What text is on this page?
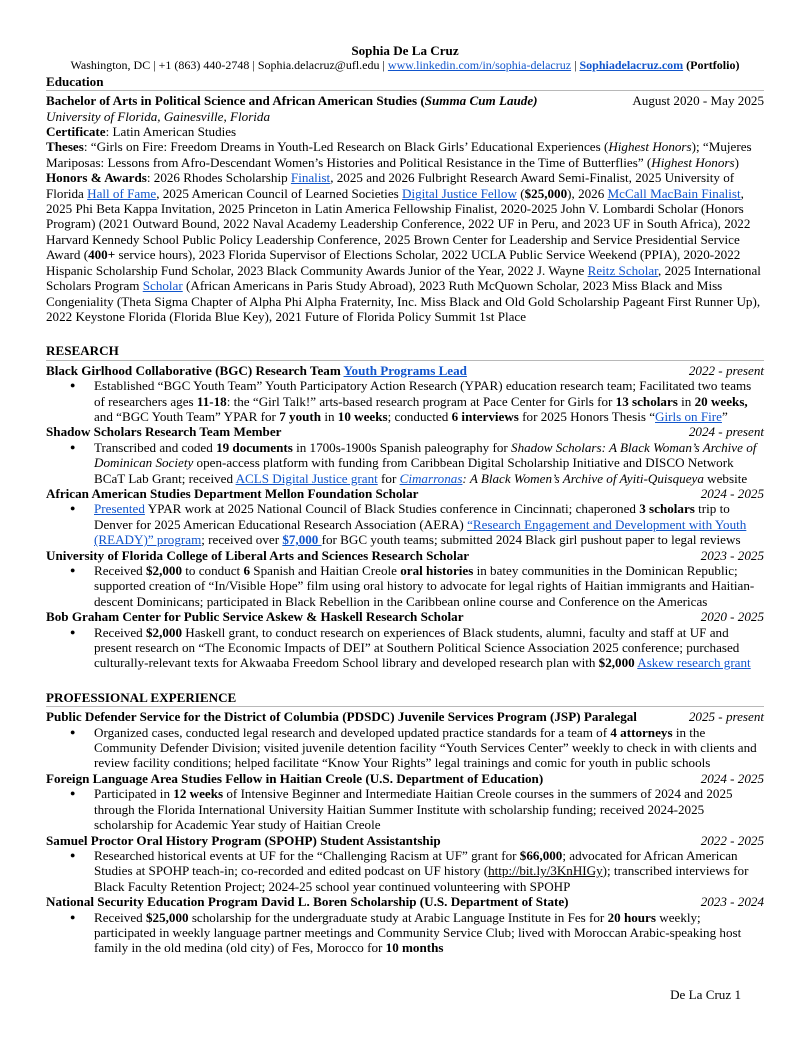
Sophia De La Cruz
Washington, DC | +1 (863) 440-2748 | Sophia.delacruz@ufl.edu | www.linkedin.com/in/sophia-delacruz | Sophiadelacruz.com (Portfolio)
Education
Bachelor of Arts in Political Science and African American Studies (Summa Cum Laude)	August 2020 - May 2025
University of Florida, Gainesville, Florida
Certificate: Latin American Studies
Theses: “Girls on Fire: Freedom Dreams in Youth-Led Research on Black Girls’ Educational Experiences (Highest Honors); “Mujeres Mariposas: Lessons from Afro-Descendant Women’s Histories and Political Resistance in the Time of Butterflies” (Highest Honors)
Honors & Awards: 2026 Rhodes Scholarship Finalist, 2025 and 2026 Fulbright Research Award Semi-Finalist, 2025 University of Florida Hall of Fame, 2025 American Council of Learned Societies Digital Justice Fellow ($25,000), 2026 McCall MacBain Finalist, 2025 Phi Beta Kappa Invitation, 2025 Princeton in Latin America Fellowship Finalist, 2020-2025 John V. Lombardi Scholar (Honors Program) (2021 Outward Bound, 2022 Naval Academy Leadership Conference, 2022 UF in Peru, and 2023 UF in South Africa), 2022 Harvard Kennedy School Public Policy Leadership Conference, 2025 Brown Center for Leadership and Service Presidential Service Award (400+ service hours), 2023 Florida Supervisor of Elections Scholar, 2022 UCLA Public Service Weekend (PPIA), 2020-2022 Hispanic Scholarship Fund Scholar, 2023 Black Community Awards Junior of the Year, 2022 J. Wayne Reitz Scholar, 2025 International Scholars Program Scholar (African Americans in Paris Study Abroad), 2023 Ruth McQuown Scholar, 2023 Miss Black and Miss Congeniality (Theta Sigma Chapter of Alpha Phi Alpha Fraternity, Inc. Miss Black and Old Gold Scholarship Pageant First Runner Up), 2022 Keystone Florida (Florida Blue Key), 2021 Future of Florida Policy Summit 1st Place
RESEARCH
Black Girlhood Collaborative (BGC) Research Team Youth Programs Lead	2022 - present
● Established “BGC Youth Team” Youth Participatory Action Research (YPAR) education research team; Facilitated two teams of researchers ages 11-18: the “Girl Talk!” arts-based research program at Pace Center for Girls for 13 scholars in 20 weeks, and “BGC Youth Team” YPAR for 7 youth in 10 weeks; conducted 6 interviews for 2025 Honors Thesis “Girls on Fire”
Shadow Scholars Research Team Member	2024 - present
● Transcribed and coded 19 documents in 1700s-1900s Spanish paleography for Shadow Scholars: A Black Woman’s Archive of Dominican Society open-access platform with funding from Caribbean Digital Scholarship Initiative and DISCO Network BCaT Lab Grant; received ACLS Digital Justice grant for Cimarronas: A Black Women’s Archive of Ayiti-Quisqueya website
African American Studies Department Mellon Foundation Scholar	2024 - 2025
● Presented YPAR work at 2025 National Council of Black Studies conference in Cincinnati; chaperoned 3 scholars trip to Denver for 2025 American Educational Research Association (AERA) “Research Engagement and Development with Youth (READY)” program; received over $7,000 for BGC youth teams; submitted 2024 Black girl pushout paper to legal reviews
University of Florida College of Liberal Arts and Sciences Research Scholar	2023 - 2025
● Received $2,000 to conduct 6 Spanish and Haitian Creole oral histories in batey communities in the Dominican Republic; supported creation of “In/Visible Hope” film using oral history to advocate for legal rights of Haitian immigrants and Haitian-descent Dominicans; participated in Black Rebellion in the Caribbean online course and Conference on the Americas
Bob Graham Center for Public Service Askew & Haskell Research Scholar	2020 - 2025
● Received $2,000 Haskell grant, to conduct research on experiences of Black students, alumni, faculty and staff at UF and present research on “The Economic Impacts of DEI” at Southern Political Science Association 2025 conference; purchased culturally-relevant texts for Akwaaba Freedom School library and developed research plan with $2,000 Askew research grant
PROFESSIONAL EXPERIENCE
Public Defender Service for the District of Columbia (PDSDC) Juvenile Services Program (JSP) Paralegal	2025 - present
● Organized cases, conducted legal research and developed updated practice standards for a team of 4 attorneys in the Community Defender Division; visited juvenile detention facility “Youth Services Center” weekly to check in with clients and review facility conditions; helped facilitate “Know Your Rights” legal trainings and comic for youth in public schools
Foreign Language Area Studies Fellow in Haitian Creole (U.S. Department of Education)	2024 - 2025
● Participated in 12 weeks of Intensive Beginner and Intermediate Haitian Creole courses in the summers of 2024 and 2025 through the Florida International University Haitian Summer Institute with scholarship funding; received 2024-2025 scholarship for Academic Year study of Haitian Creole
Samuel Proctor Oral History Program (SPOHP) Student Assistantship	2022 - 2025
● Researched historical events at UF for the “Challenging Racism at UF” grant for $66,000; advocated for African American Studies at SPOHP teach-in; co-recorded and edited podcast on UF history (http://bit.ly/3KnHIGy); transcribed interviews for Black Faculty Retention Project; 2024-25 school year continued volunteering with SPOHP
National Security Education Program David L. Boren Scholarship (U.S. Department of State)	2023 - 2024
● Received $25,000 scholarship for the undergraduate study at Arabic Language Institute in Fes for 20 hours weekly; participated in weekly language partner meetings and Community Service Club; lived with Moroccan Arabic-speaking host family in the old medina (old city) of Fes, Morocco for 10 months
De La Cruz 1
